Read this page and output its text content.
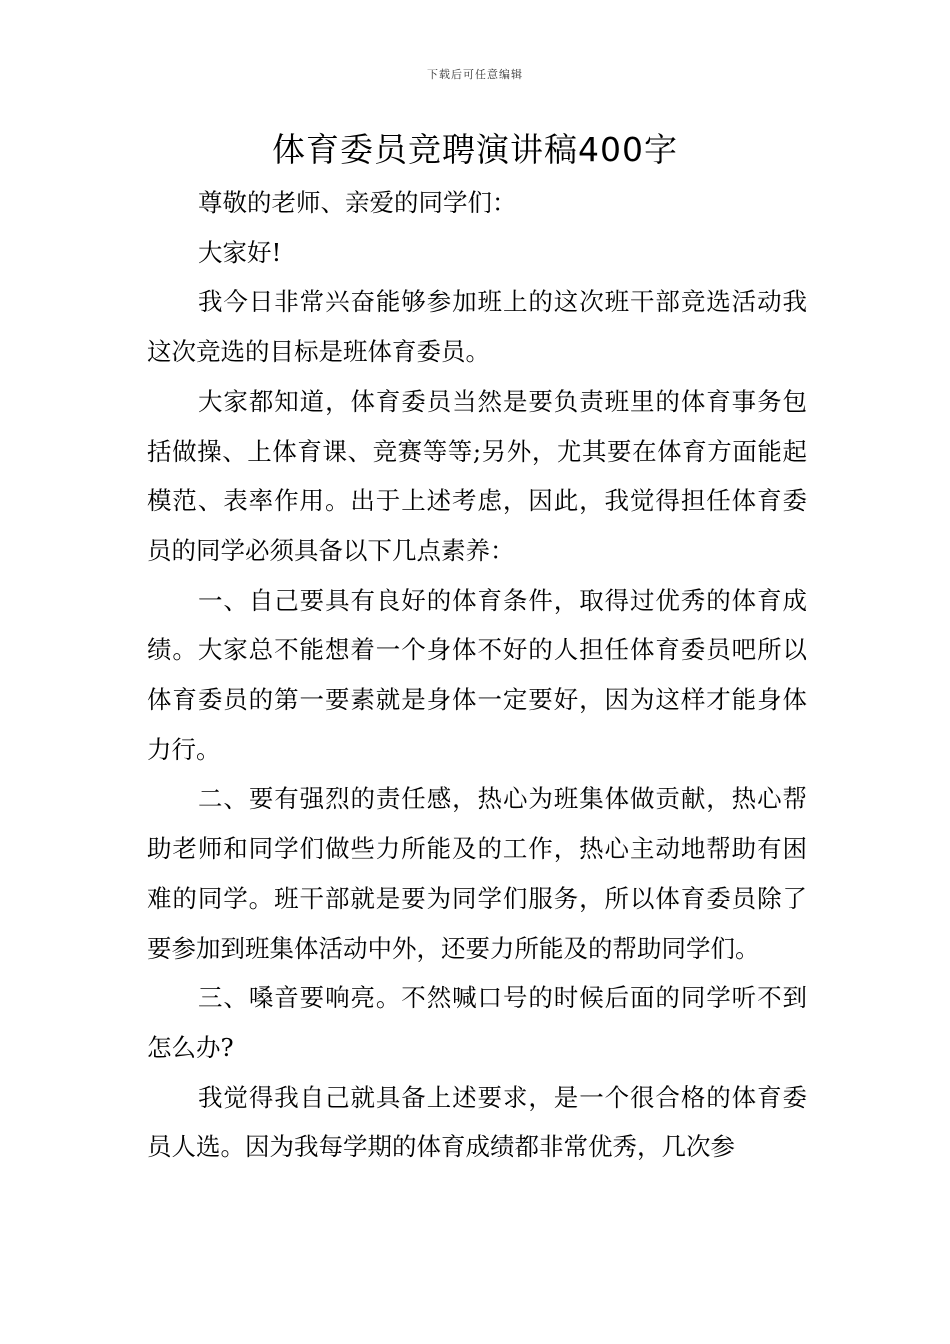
下载后可任意编辑
体育委员竞聘演讲稿400字

尊敬的老师、亲爱的同学们：

大家好!

我今日非常兴奋能够参加班上的这次班干部竞选活动我这次竞选的目标是班体育委员。

大家都知道，体育委员当然是要负责班里的体育事务包括做操、上体育课、竞赛等等;另外，尤其要在体育方面能起模范、表率作用。出于上述考虑，因此，我觉得担任体育委员的同学必须具备以下几点素养：

一、自己要具有良好的体育条件，取得过优秀的体育成绩。大家总不能想着一个身体不好的人担任体育委员吧所以体育委员的第一要素就是身体一定要好，因为这样才能身体力行。

二、要有强烈的责任感，热心为班集体做贡献，热心帮助老师和同学们做些力所能及的工作，热心主动地帮助有困难的同学。班干部就是要为同学们服务，所以体育委员除了要参加到班集体活动中外，还要力所能及的帮助同学们。

三、嗓音要响亮。不然喊口号的时候后面的同学听不到怎么办?

我觉得我自己就具备上述要求，是一个很合格的体育委员人选。因为我每学期的体育成绩都非常优秀，几次参
